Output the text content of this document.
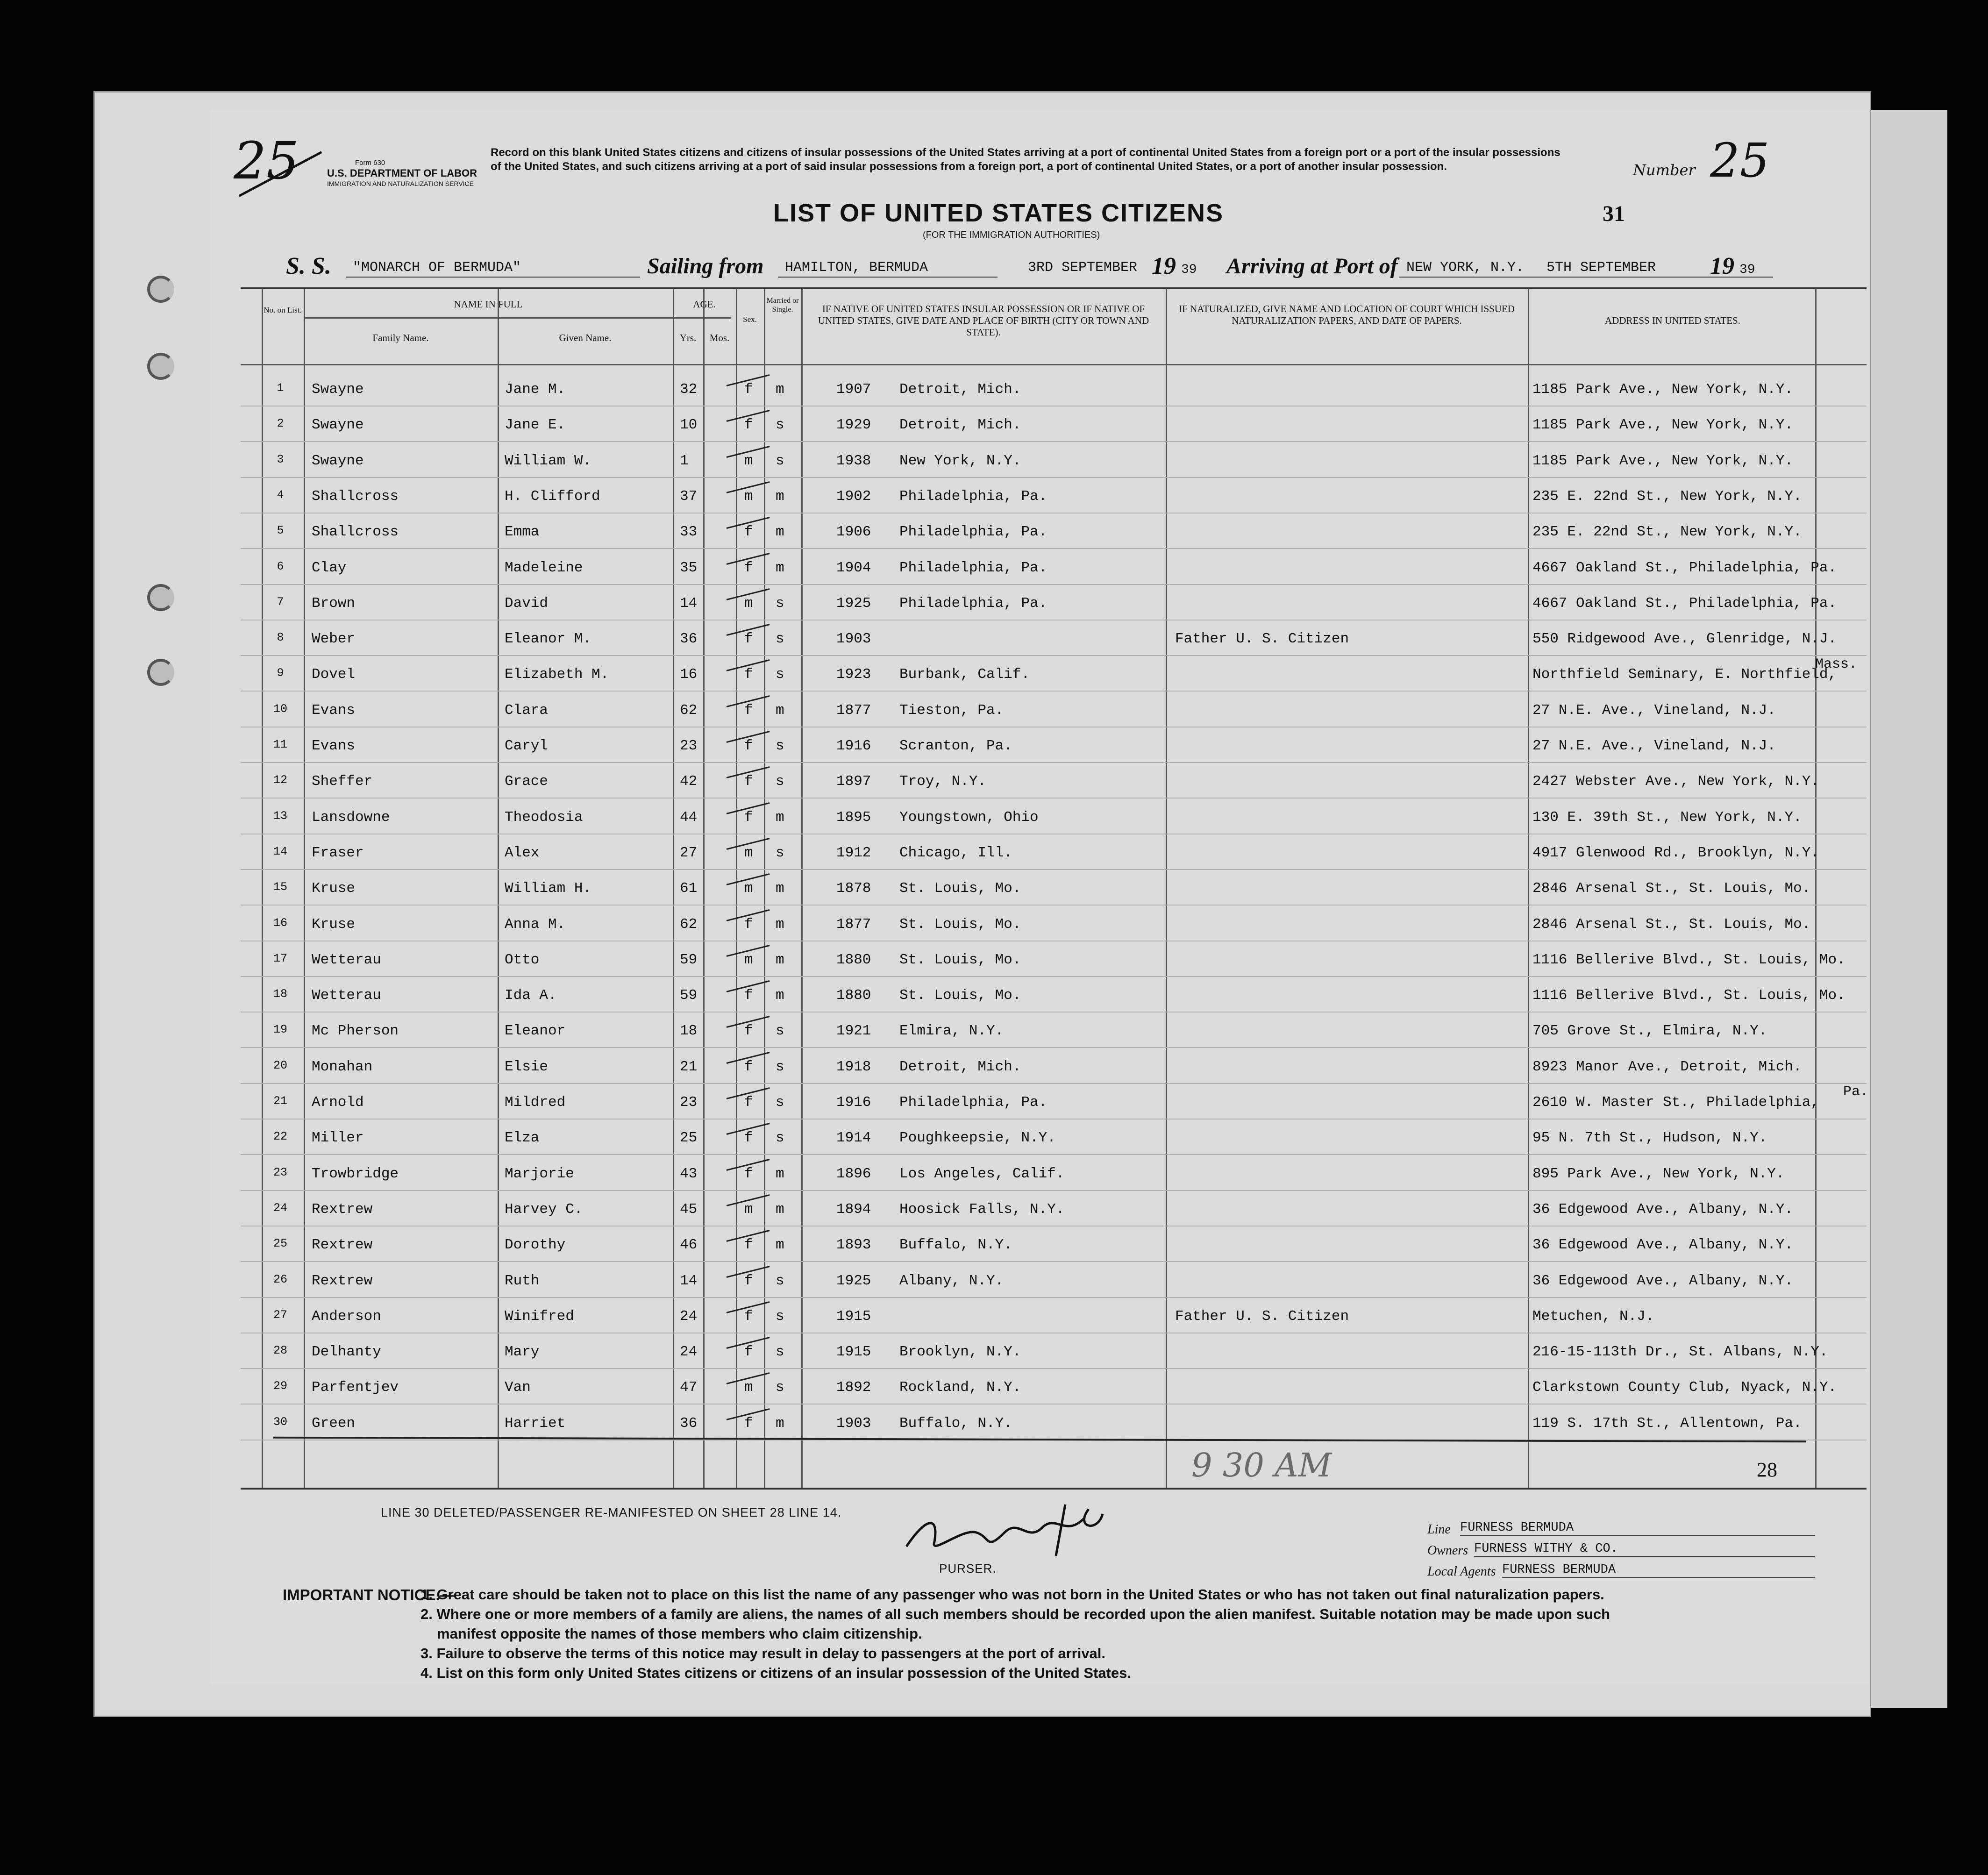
25	Form 630
U.S. DEPARTMENT OF LABOR
IMMIGRATION AND NATURALIZATION SERVICE
Record on this blank United States citizens and citizens of insular possessions of the United States arriving at a port of continental United States from a foreign port or a port of the insular possessions of the United States, and such citizens arriving at a port of said insular possessions from a foreign port, a port of continental United States, or a port of another insular possession.	Number 25
31
LIST OF UNITED STATES CITIZENS
(FOR THE IMMIGRATION AUTHORITIES)
S. S. "MONARCH OF BERMUDA"	Sailing from HAMILTON, BERMUDA	3RD SEPTEMBER 19 39 Arriving at Port of NEW YORK, N.Y. 5TH SEPTEMBER 19 39
No. on List.
NAME IN FULL
Family Name.	Given Name.
AGE.
Yrs.	Mos.
Sex.
Married or Single.	IF NATIVE OF UNITED STATES INSULAR POSSESSION OR IF NATIVE OF UNITED STATES, GIVE DATE AND PLACE OF BIRTH (CITY OR TOWN AND STATE).
IF NATURALIZED, GIVE NAME AND LOCATION OF COURT WHICH ISSUED NATURALIZATION PAPERS, AND DATE OF PAPERS.	ADDRESS IN UNITED STATES.
1	Swayne	Jane M.	32	f m	1907 Detroit, Mich.	1185 Park Ave., New York, N.Y.
2	Swayne	Jane E.	10	f s	1929 Detroit, Mich.	1185 Park Ave., New York, N.Y.
3	Swayne	William W.	1	m s	1938 New York, N.Y.	1185 Park Ave., New York, N.Y.
4	Shallcross	H. Clifford	37	m m	1902 Philadelphia, Pa.	235 E. 22nd St., New York, N.Y.
5	Shallcross	Emma	33	f m	1906 Philadelphia, Pa.	235 E. 22nd St., New York, N.Y.
6	Clay	Madeleine	35	f m	1904 Philadelphia, Pa.	4667 Oakland St., Philadelphia, Pa.
7	Brown	David	14	m s	1925 Philadelphia, Pa.	4667 Oakland St., Philadelphia, Pa.
8	Weber	Eleanor M.	36	f s	1903	Father U. S. Citizen	550 Ridgewood Ave., Glenridge, N.J.
9	Dovel	Elizabeth M.	16	f s	1923 Burbank, Calif.	Northfield Seminary, E. Northfield,
10	Evans	Clara	62	f m	1877 Tieston, Pa.	27 N.E. Ave., Vineland, N.J.
11	Evans	Caryl	23	f s	1916 Scranton, Pa.	27 N.E. Ave., Vineland, N.J.
12	Sheffer	Grace	42	f s	1897 Troy, N.Y.	2427 Webster Ave., New York, N.Y.
13	Lansdowne	Theodosia	44	f m	1895 Youngstown, Ohio	130 E. 39th St., New York, N.Y.
14	Fraser	Alex	27	m s	1912 Chicago, Ill.	4917 Glenwood Rd., Brooklyn, N.Y.
15	Kruse	William H.	61	m m	1878 St. Louis, Mo.	2846 Arsenal St., St. Louis, Mo.
16	Kruse	Anna M.	62	f m	1877 St. Louis, Mo.	2846 Arsenal St., St. Louis, Mo.
17	Wetterau	Otto	59	m m	1880 St. Louis, Mo.	1116 Bellerive Blvd., St. Louis, Mo.
18	Wetterau	Ida A.	59	f m	1880 St. Louis, Mo.	1116 Bellerive Blvd., St. Louis, Mo.
19	Mc Pherson	Eleanor	18	f s	1921 Elmira, N.Y.	705 Grove St., Elmira, N.Y.
20	Monahan	Elsie	21	f s	1918 Detroit, Mich.	8923 Manor Ave., Detroit, Mich.
21	Arnold	Mildred	23	f s	1916 Philadelphia, Pa.	2610 W. Master St., Philadelphia,
22	Miller	Elza	25	f s	1914 Poughkeepsie, N.Y.	95 N. 7th St., Hudson, N.Y.
23	Trowbridge	Marjorie	43	f m	1896 Los Angeles, Calif.	895 Park Ave., New York, N.Y.
24	Rextrew	Harvey C.	45	m m	1894 Hoosick Falls, N.Y.	36 Edgewood Ave., Albany, N.Y.
25	Rextrew	Dorothy	46	f m	1893 Buffalo, N.Y.	36 Edgewood Ave., Albany, N.Y.
26	Rextrew	Ruth	14	f s	1925 Albany, N.Y.	36 Edgewood Ave., Albany, N.Y.
27	Anderson	Winifred	24	f s	1915	Father U. S. Citizen	Metuchen, N.J.
28	Delhanty	Mary	24	f s	1915 Brooklyn, N.Y.	216-15-113th Dr., St. Albans, N.Y.
29	Parfentjev	Van	47	m s	1892 Rockland, N.Y.	Clarkstown County Club, Nyack, N.Y.
30	Green	Harriet	36	f m	1903 Buffalo, N.Y.	119 S. 17th St., Allentown, Pa.
Mass.
Pa.
9 30 AM	28
LINE 30 DELETED/PASSENGER RE-MANIFESTED ON SHEET 28 LINE 14.
PURSER.
Line FURNESS BERMUDA
Owners FURNESS WITHY & CO.
Local Agents FURNESS BERMUDA
IMPORTANT NOTICE.—
1. Great care should be taken not to place on this list the name of any passenger who was not born in the United States or who has not taken out final naturalization papers.
2. Where one or more members of a family are aliens, the names of all such members should be recorded upon the alien manifest. Suitable notation may be made upon such
manifest opposite the names of those members who claim citizenship.
3. Failure to observe the terms of this notice may result in delay to passengers at the port of arrival.
4. List on this form only United States citizens or citizens of an insular possession of the United States.
